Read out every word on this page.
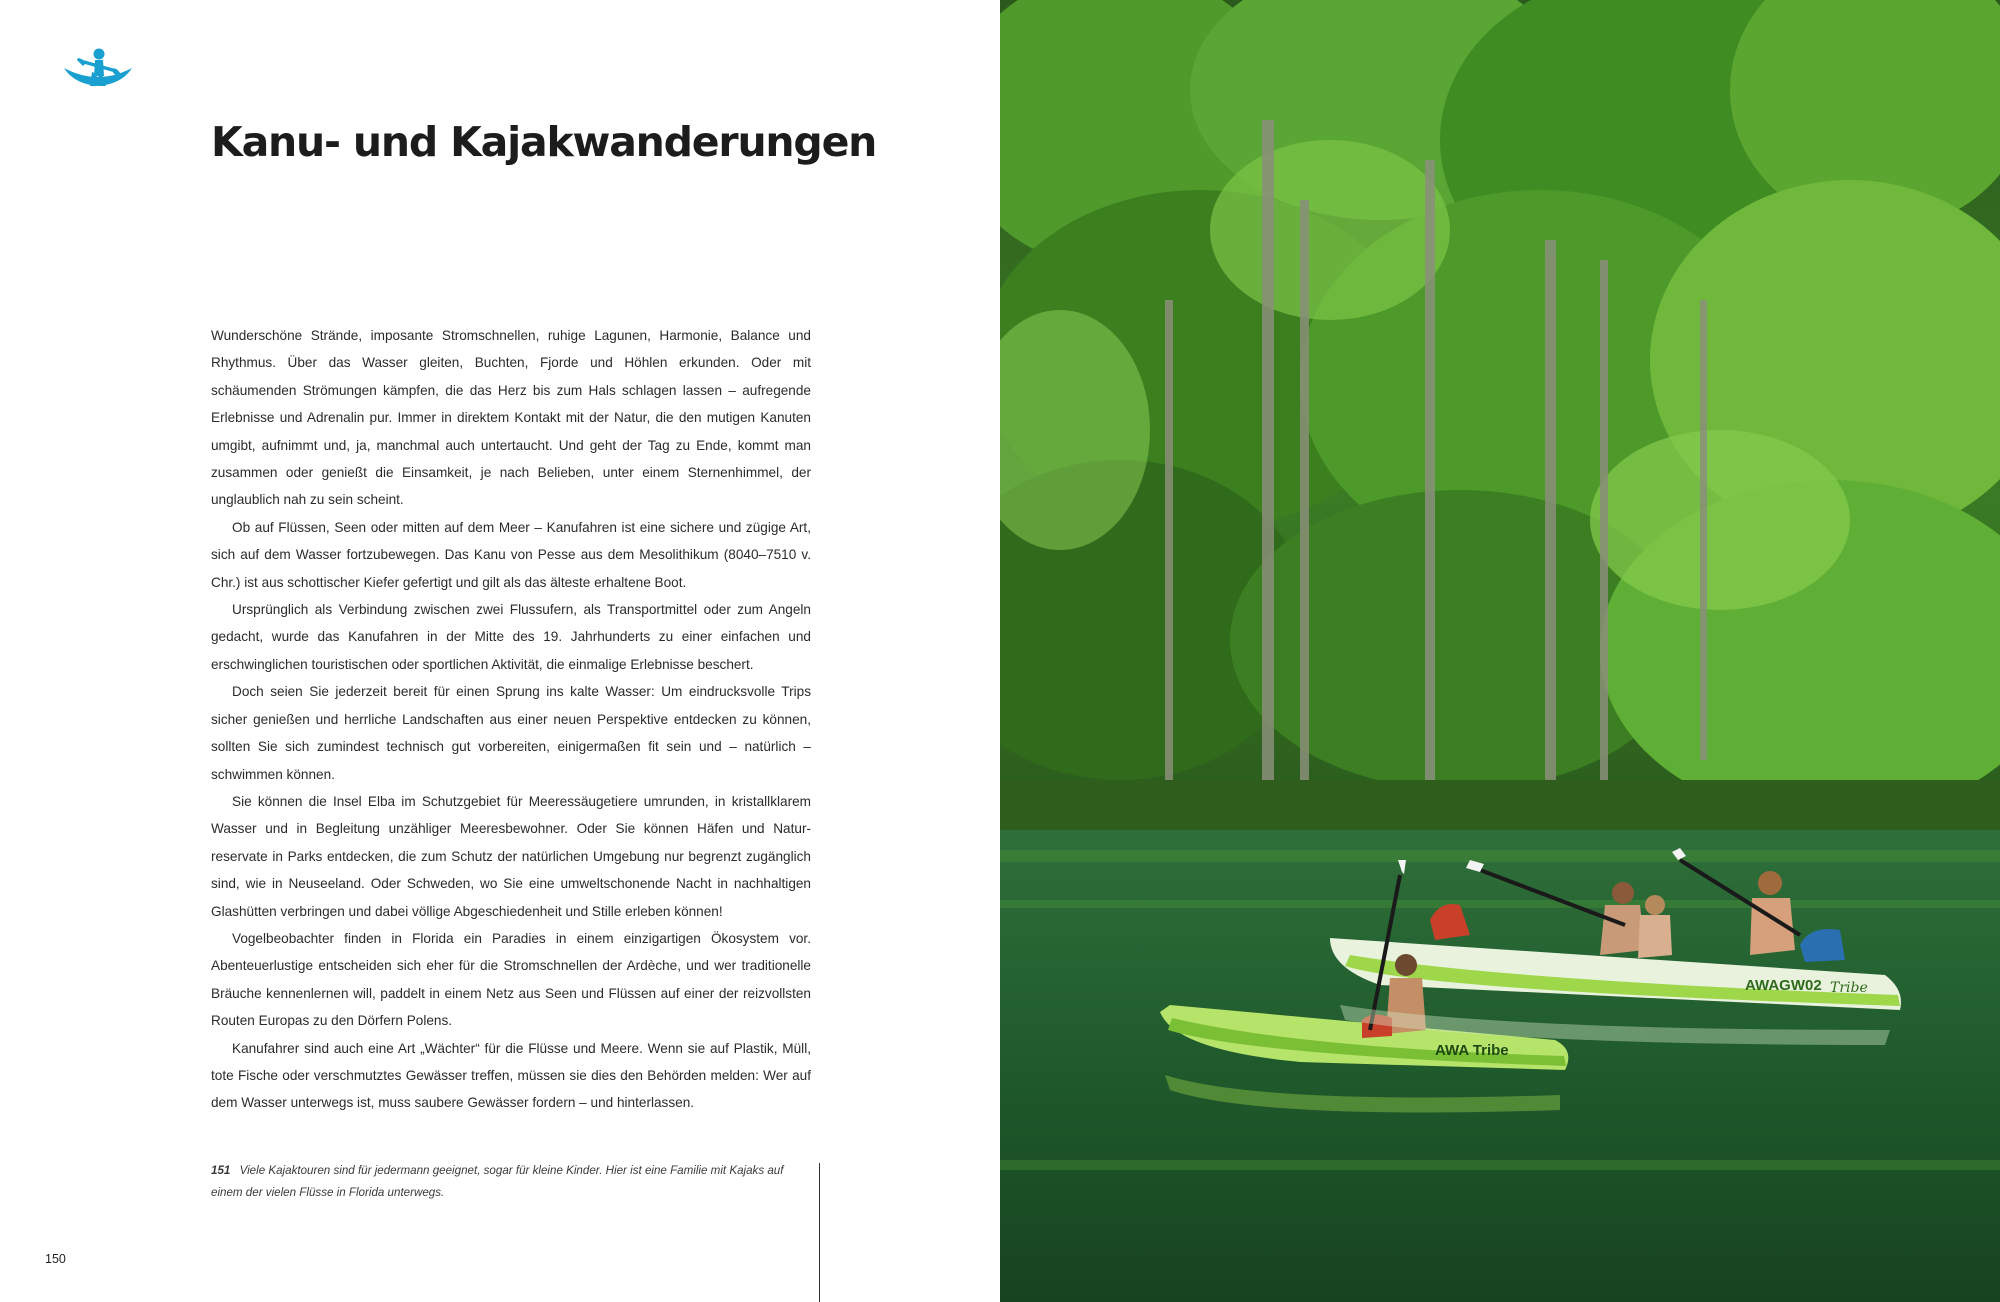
Kanu- und Kajakwanderungen

Wunderschöne Strände, imposante Stromschnellen, ruhige Lagunen, Harmonie, Balance und Rhythmus. Über das Wasser gleiten, Buchten, Fjorde und Höhlen erkunden. Oder mit schäumenden Strömungen kämpfen, die das Herz bis zum Hals schlagen lassen – aufregende Erlebnisse und Adrenalin pur. Immer in direktem Kontakt mit der Natur, die den mutigen Kanuten umgibt, aufnimmt und, ja, manchmal auch untertaucht. Und geht der Tag zu Ende, kommt man zusammen oder genießt die Einsamkeit, je nach Belieben, unter einem Sternenhimmel, der unglaublich nah zu sein scheint.

Ob auf Flüssen, Seen oder mitten auf dem Meer – Kanufahren ist eine sichere und zügige Art, sich auf dem Wasser fortzubewegen. Das Kanu von Pesse aus dem Mesolithikum (8040–7510 v. Chr.) ist aus schottischer Kiefer gefertigt und gilt als das älteste erhaltene Boot.

Ursprünglich als Verbindung zwischen zwei Flussufern, als Transportmittel oder zum Angeln gedacht, wurde das Kanufahren in der Mitte des 19. Jahrhunderts zu einer einfachen und erschwinglichen touristischen oder sportlichen Aktivität, die einmalige Erlebnisse beschert.

Doch seien Sie jederzeit bereit für einen Sprung ins kalte Wasser: Um eindrucksvolle Trips sicher genießen und herrliche Landschaften aus einer neuen Perspektive entdecken zu können, sollten Sie sich zumindest technisch gut vorbereiten, einigermaßen fit sein und – natürlich – schwimmen können.

Sie können die Insel Elba im Schutzgebiet für Meeressäugetiere umrunden, in kristallklarem Wasser und in Begleitung unzähliger Meeresbewohner. Oder Sie können Häfen und Natur-reservate in Parks entdecken, die zum Schutz der natürlichen Umgebung nur begrenzt zugänglich sind, wie in Neuseeland. Oder Schweden, wo Sie eine umweltschonende Nacht in nachhaltigen Glashütten verbringen und dabei völlige Abgeschiedenheit und Stille erleben können!

Vogelbeobachter finden in Florida ein Paradies in einem einzigartigen Ökosystem vor. Abenteuerlustige entscheiden sich eher für die Stromschnellen der Ardèche, und wer traditionelle Bräuche kennenlernen will, paddelt in einem Netz aus Seen und Flüssen auf einer der reizvollsten Routen Europas zu den Dörfern Polens.

Kanufahrer sind auch eine Art „Wächter“ für die Flüsse und Meere. Wenn sie auf Plastik, Müll, tote Fische oder verschmutztes Gewässer treffen, müssen sie dies den Behörden melden: Wer auf dem Wasser unterwegs ist, muss saubere Gewässer fordern – und hinterlassen.

151 Viele Kajaktouren sind für jedermann geeignet, sogar für kleine Kinder. Hier ist eine Familie mit Kajaks auf einem der vielen Flüsse in Florida unterwegs.
150
AWAGW02 Tribe
AWA Tribe
